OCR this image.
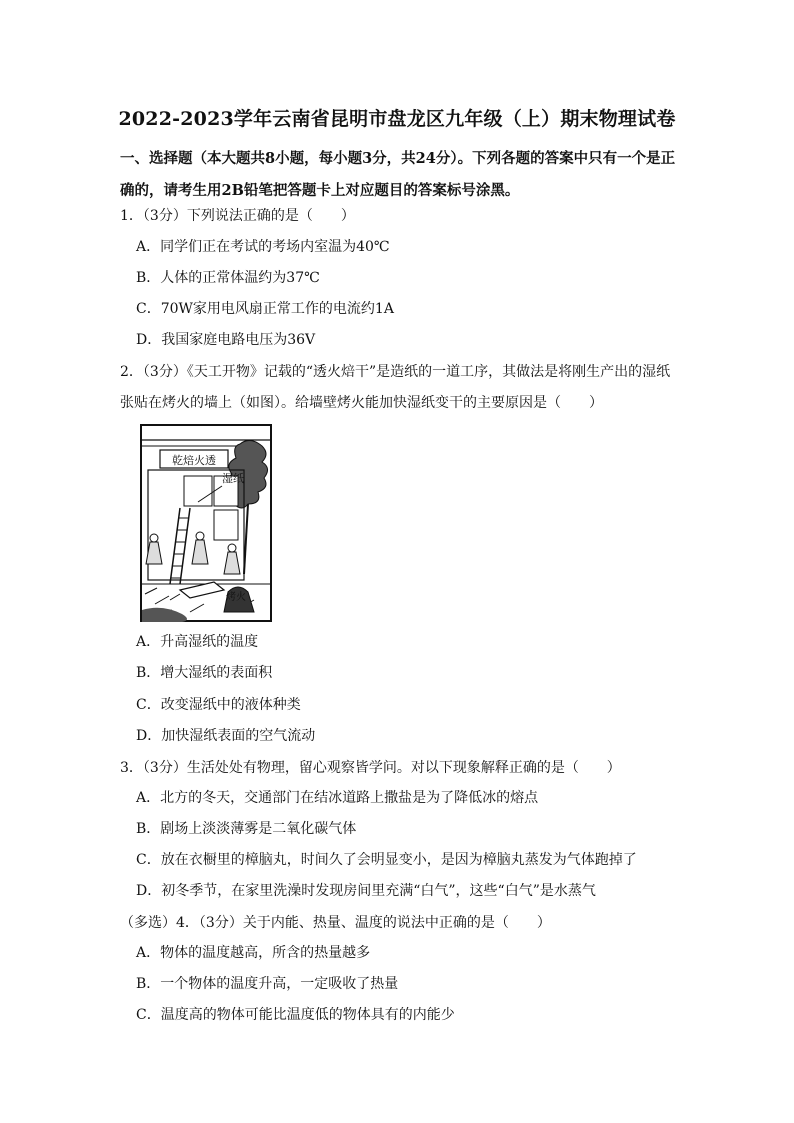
2022-2023学年云南省昆明市盘龙区九年级（上）期末物理试卷
一、选择题（本大题共8小题，每小题3分，共24分）。下列各题的答案中只有一个是正确的，请考生用2B铅笔把答题卡上对应题目的答案标号涂黑。
1．（3分）下列说法正确的是（　　）
A．同学们正在考试的考场内室温为40℃
B．人体的正常体温约为37℃
C．70W家用电风扇正常工作的电流约1A
D．我国家庭电路电压为36V
2．（3分）《天工开物》记载的“透火焙干”是造纸的一道工序，其做法是将刚生产出的湿纸张贴在烤火的墙上（如图）。给墙壁烤火能加快湿纸变干的主要原因是（　　）
乾焙火透
湿纸
烤火
A．升高湿纸的温度
B．增大湿纸的表面积
C．改变湿纸中的液体种类
D．加快湿纸表面的空气流动
3．（3分）生活处处有物理，留心观察皆学问。对以下现象解释正确的是（　　）
A．北方的冬天，交通部门在结冰道路上撒盐是为了降低冰的熔点
B．剧场上淡淡薄雾是二氧化碳气体
C．放在衣橱里的樟脑丸，时间久了会明显变小，是因为樟脑丸蒸发为气体跑掉了
D．初冬季节，在家里洗澡时发现房间里充满“白气”，这些“白气”是水蒸气
（多选）4．（3分）关于内能、热量、温度的说法中正确的是（　　）
A．物体的温度越高，所含的热量越多
B．一个物体的温度升高，一定吸收了热量
C．温度高的物体可能比温度低的物体具有的内能少
